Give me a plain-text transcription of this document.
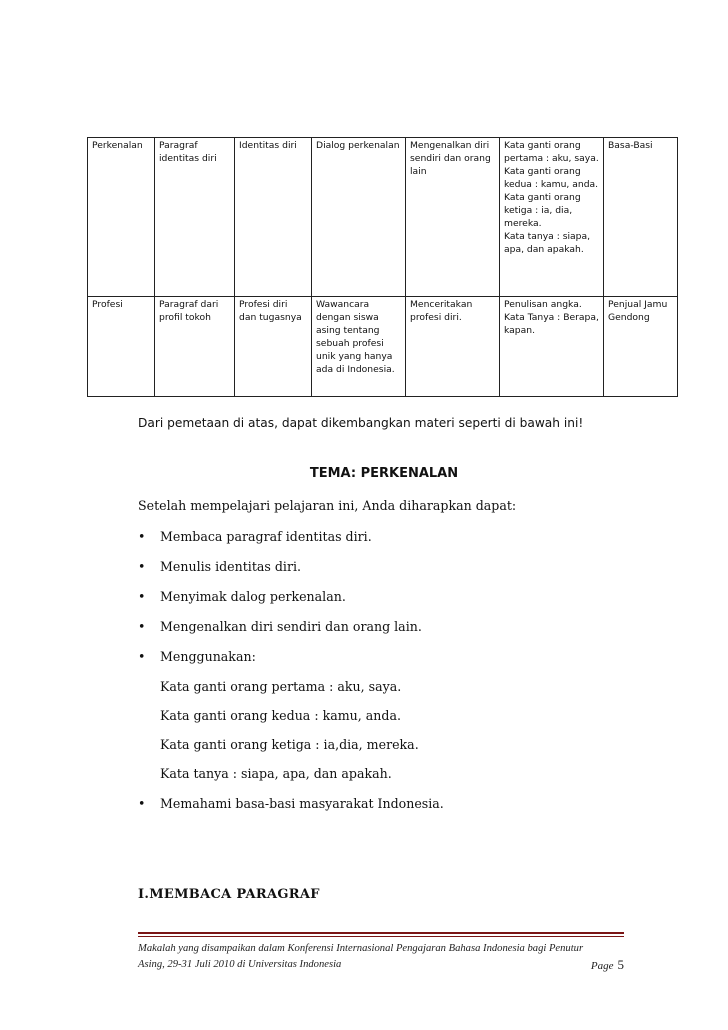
Perkenalan	Paragraf identitas diri	Identitas diri	Dialog perkenalan	Mengenalkan diri sendiri dan orang lain	Kata ganti orang pertama : aku, saya.
Kata ganti orang kedua : kamu, anda.
Kata ganti orang ketiga : ia, dia, mereka.
Kata tanya : siapa, apa, dan apakah.	Basa-Basi
Profesi	Paragraf dari profil tokoh	Profesi diri dan tugasnya	Wawancara dengan siswa asing tentang sebuah profesi unik yang hanya ada di Indonesia.	Menceritakan profesi diri.	Penulisan angka.
Kata Tanya : Berapa, kapan.	Penjual Jamu Gendong
Dari pemetaan di atas, dapat dikembangkan materi seperti di bawah ini!
TEMA: PERKENALAN
Setelah mempelajari pelajaran ini, Anda diharapkan dapat:
• Membaca paragraf identitas diri.
• Menulis identitas diri.
• Menyimak dalog perkenalan.
• Mengenalkan diri sendiri dan orang lain.
• Menggunakan:
Kata ganti orang pertama : aku, saya.
Kata ganti orang kedua : kamu, anda.
Kata ganti orang ketiga : ia,dia, mereka.
Kata tanya : siapa, apa, dan apakah.
• Memahami basa-basi masyarakat Indonesia.
I.MEMBACA PARAGRAF
Makalah yang disampaikan dalam Konferensi Internasional Pengajaran Bahasa Indonesia bagi Penutur
Asing, 29-31 Juli 2010 di Universitas Indonesia	Page 5
